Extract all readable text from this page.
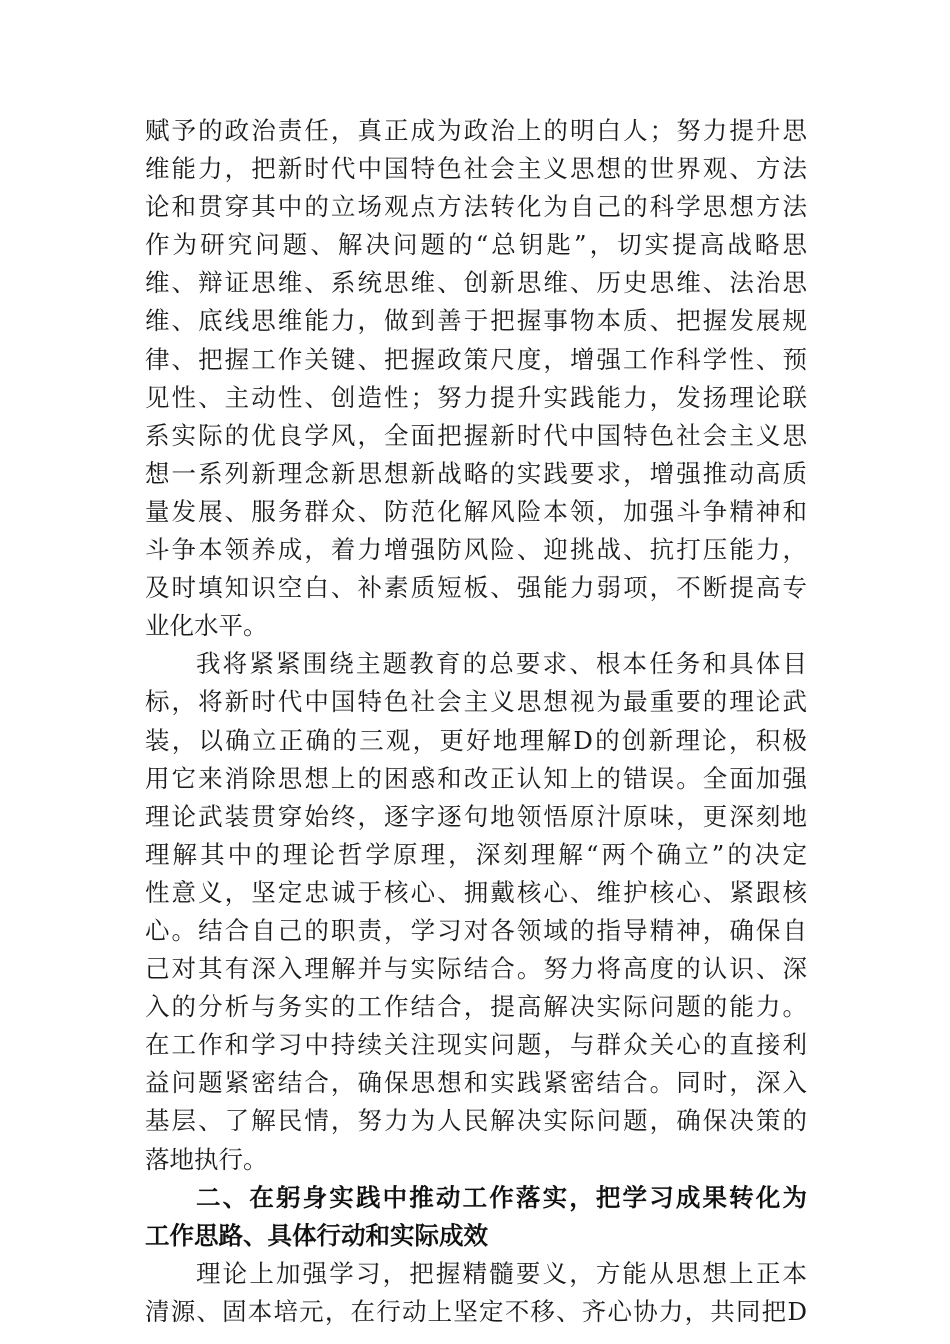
赋予的政治责任，真正成为政治上的明白人；努力提升思
维能力，把新时代中国特色社会主义思想的世界观、方法
论和贯穿其中的立场观点方法转化为自己的科学思想方法
作为研究问题、解决问题的“总钥匙”，切实提高战略思
维、辩证思维、系统思维、创新思维、历史思维、法治思
维、底线思维能力，做到善于把握事物本质、把握发展规
律、把握工作关键、把握政策尺度，增强工作科学性、预
见性、主动性、创造性；努力提升实践能力，发扬理论联
系实际的优良学风，全面把握新时代中国特色社会主义思
想一系列新理念新思想新战略的实践要求，增强推动高质
量发展、服务群众、防范化解风险本领，加强斗争精神和
斗争本领养成，着力增强防风险、迎挑战、抗打压能力，
及时填知识空白、补素质短板、强能力弱项，不断提高专
业化水平。
我将紧紧围绕主题教育的总要求、根本任务和具体目
标，将新时代中国特色社会主义思想视为最重要的理论武
装，以确立正确的三观，更好地理解D的创新理论，积极
用它来消除思想上的困惑和改正认知上的错误。全面加强
理论武装贯穿始终，逐字逐句地领悟原汁原味，更深刻地
理解其中的理论哲学原理，深刻理解“两个确立”的决定
性意义，坚定忠诚于核心、拥戴核心、维护核心、紧跟核
心。结合自己的职责，学习对各领域的指导精神，确保自
己对其有深入理解并与实际结合。努力将高度的认识、深
入的分析与务实的工作结合，提高解决实际问题的能力。
在工作和学习中持续关注现实问题，与群众关心的直接利
益问题紧密结合，确保思想和实践紧密结合。同时，深入
基层、了解民情，努力为人民解决实际问题，确保决策的
落地执行。
二、在躬身实践中推动工作落实，把学习成果转化为
工作思路、具体行动和实际成效
理论上加强学习，把握精髓要义，方能从思想上正本
清源、固本培元，在行动上坚定不移、齐心协力，共同把D
